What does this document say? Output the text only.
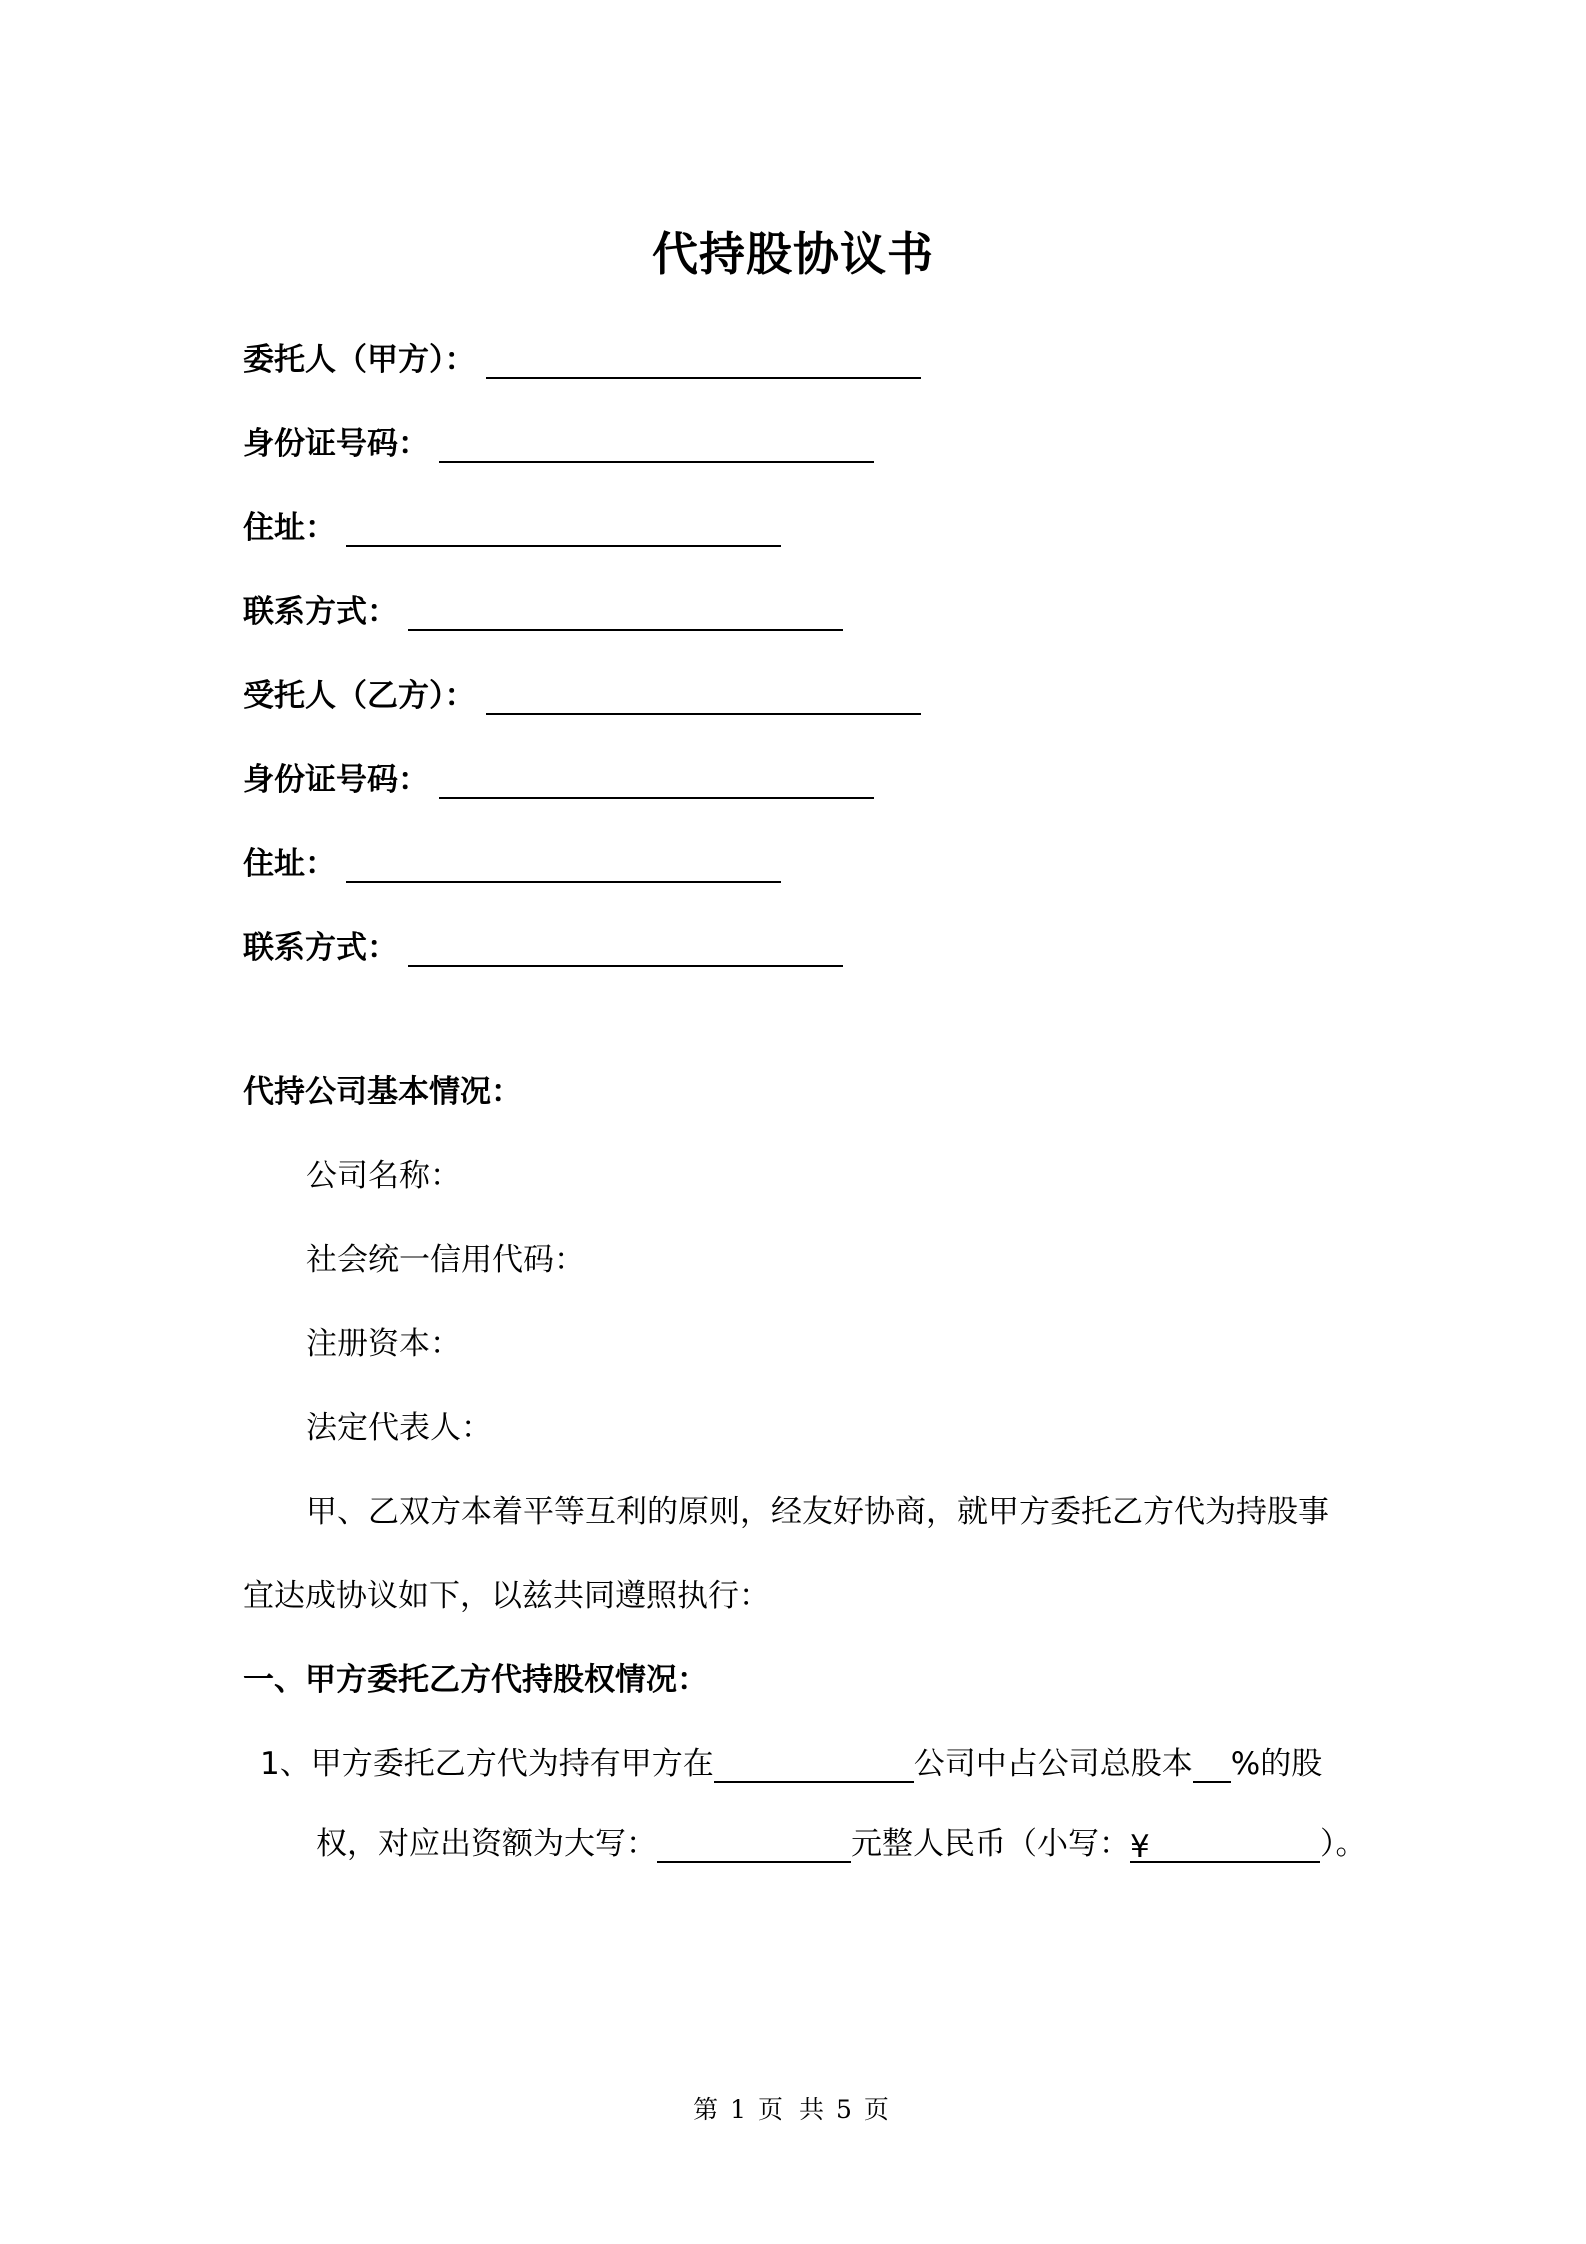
代持股协议书
委托人（甲方）：
身份证号码：
住址：
联系方式：
受托人（乙方）：
身份证号码：
住址：
联系方式：
代持公司基本情况：
公司名称：
社会统一信用代码：
注册资本：
法定代表人：
甲、乙双方本着平等互利的原则，经友好协商，就甲方委托乙方代为持股事
宜达成协议如下，以兹共同遵照执行：
一、甲方委托乙方代持股权情况：
1、甲方委托乙方代为持有甲方在	公司中占公司总股本 %的股
权，对应出资额为大写：	元整人民币（小写：¥	）。
第 1 页 共 5 页
